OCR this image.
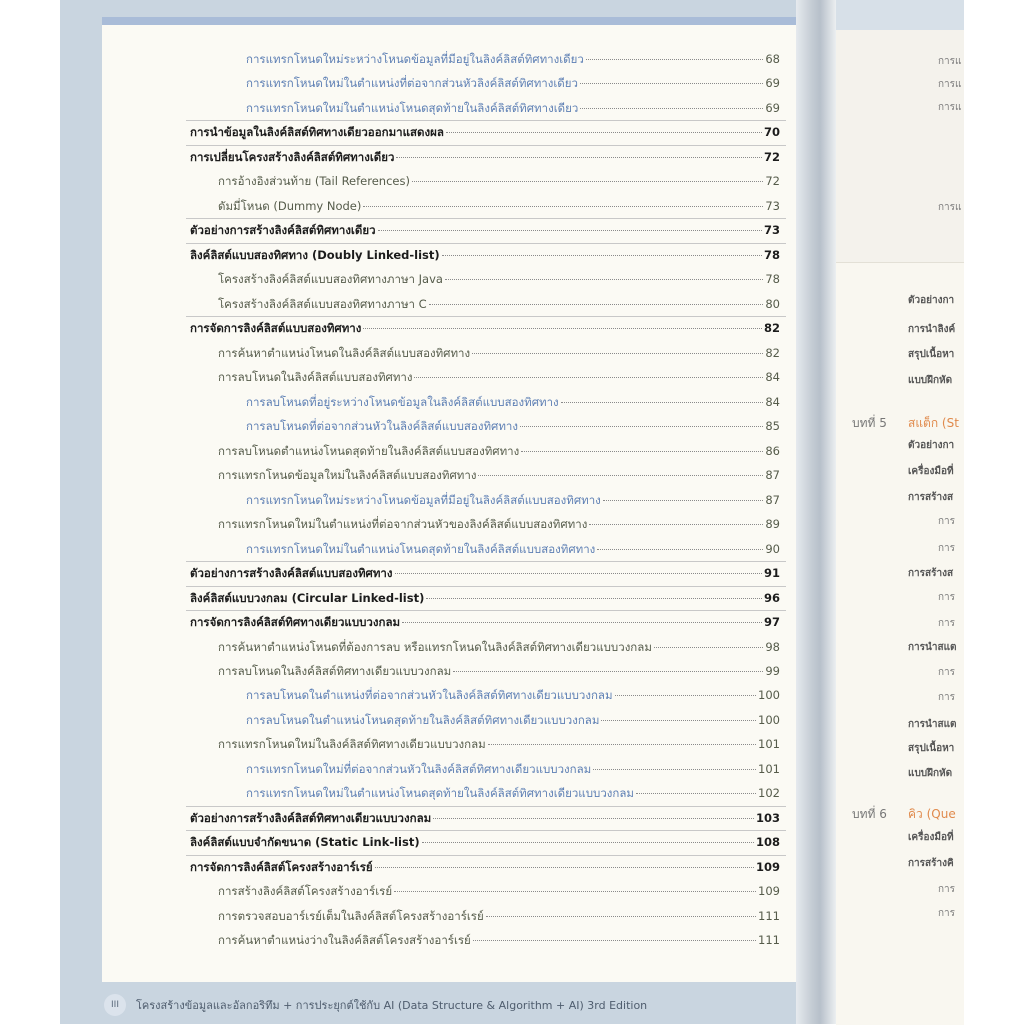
การแทรกโหนดใหม่ระหว่างโหนดข้อมูลที่มีอยู่ในลิงค์ลิสต์ทิศทางเดียว	68
การแทรกโหนดใหม่ในตำแหน่งที่ต่อจากส่วนหัวลิงค์ลิสต์ทิศทางเดียว	69
การแทรกโหนดใหม่ในตำแหน่งโหนดสุดท้ายในลิงค์ลิสต์ทิศทางเดียว	69
การนำข้อมูลในลิงค์ลิสต์ทิศทางเดียวออกมาแสดงผล	70
การเปลี่ยนโครงสร้างลิงค์ลิสต์ทิศทางเดียว	72
การอ้างอิงส่วนท้าย (Tail References)	72
ดัมมี่โหนด (Dummy Node)	73
ตัวอย่างการสร้างลิงค์ลิสต์ทิศทางเดียว	73
ลิงค์ลิสต์แบบสองทิศทาง (Doubly Linked-list)	78
โครงสร้างลิงค์ลิสต์แบบสองทิศทางภาษา Java	78
โครงสร้างลิงค์ลิสต์แบบสองทิศทางภาษา C	80
การจัดการลิงค์ลิสต์แบบสองทิศทาง	82
การค้นหาตำแหน่งโหนดในลิงค์ลิสต์แบบสองทิศทาง	82
การลบโหนดในลิงค์ลิสต์แบบสองทิศทาง	84
การลบโหนดที่อยู่ระหว่างโหนดข้อมูลในลิงค์ลิสต์แบบสองทิศทาง	84
การลบโหนดที่ต่อจากส่วนหัวในลิงค์ลิสต์แบบสองทิศทาง	85
การลบโหนดตำแหน่งโหนดสุดท้ายในลิงค์ลิสต์แบบสองทิศทาง	86
การแทรกโหนดข้อมูลใหม่ในลิงค์ลิสต์แบบสองทิศทาง	87
การแทรกโหนดใหม่ระหว่างโหนดข้อมูลที่มีอยู่ในลิงค์ลิสต์แบบสองทิศทาง	87
การแทรกโหนดใหม่ในตำแหน่งที่ต่อจากส่วนหัวของลิงค์ลิสต์แบบสองทิศทาง	89
การแทรกโหนดใหม่ในตำแหน่งโหนดสุดท้ายในลิงค์ลิสต์แบบสองทิศทาง	90
ตัวอย่างการสร้างลิงค์ลิสต์แบบสองทิศทาง	91
ลิงค์ลิสต์แบบวงกลม (Circular Linked-list)	96
การจัดการลิงค์ลิสต์ทิศทางเดียวแบบวงกลม	97
การค้นหาตำแหน่งโหนดที่ต้องการลบ หรือแทรกโหนดในลิงค์ลิสต์ทิศทางเดียวแบบวงกลม	98
การลบโหนดในลิงค์ลิสต์ทิศทางเดียวแบบวงกลม	99
การลบโหนดในตำแหน่งที่ต่อจากส่วนหัวในลิงค์ลิสต์ทิศทางเดียวแบบวงกลม	100
การลบโหนดในตำแหน่งโหนดสุดท้ายในลิงค์ลิสต์ทิศทางเดียวแบบวงกลม	100
การแทรกโหนดใหม่ในลิงค์ลิสต์ทิศทางเดียวแบบวงกลม	101
การแทรกโหนดใหม่ที่ต่อจากส่วนหัวในลิงค์ลิสต์ทิศทางเดียวแบบวงกลม	101
การแทรกโหนดใหม่ในตำแหน่งโหนดสุดท้ายในลิงค์ลิสต์ทิศทางเดียวแบบวงกลม	102
ตัวอย่างการสร้างลิงค์ลิสต์ทิศทางเดียวแบบวงกลม	103
ลิงค์ลิสต์แบบจำกัดขนาด (Static Link-list)	108
การจัดการลิงค์ลิสต์โครงสร้างอาร์เรย์	109
การสร้างลิงค์ลิสต์โครงสร้างอาร์เรย์	109
การตรวจสอบอาร์เรย์เต็มในลิงค์ลิสต์โครงสร้างอาร์เรย์	111
การค้นหาตำแหน่งว่างในลิงค์ลิสต์โครงสร้างอาร์เรย์	111
III	โครงสร้างข้อมูลและอัลกอริทึม + การประยุกต์ใช้กับ AI (Data Structure & Algorithm + AI) 3rd Edition
การแ
การแ
การแ
การแ
ตัวอย่างกา
การนำลิงค์
สรุปเนื้อหา
แบบฝึกหัด
ตัวอย่างกา
เครื่องมือที่
การสร้างส
การ
การ
การสร้างส
การ
การ
การนำสแต
การ
การ
การนำสแต
สรุปเนื้อหา
แบบฝึกหัด
เครื่องมือที่
การสร้างคิ
การ
การ
บทที่ 5 สแต็ก (St
บทที่ 6 คิว (Que
